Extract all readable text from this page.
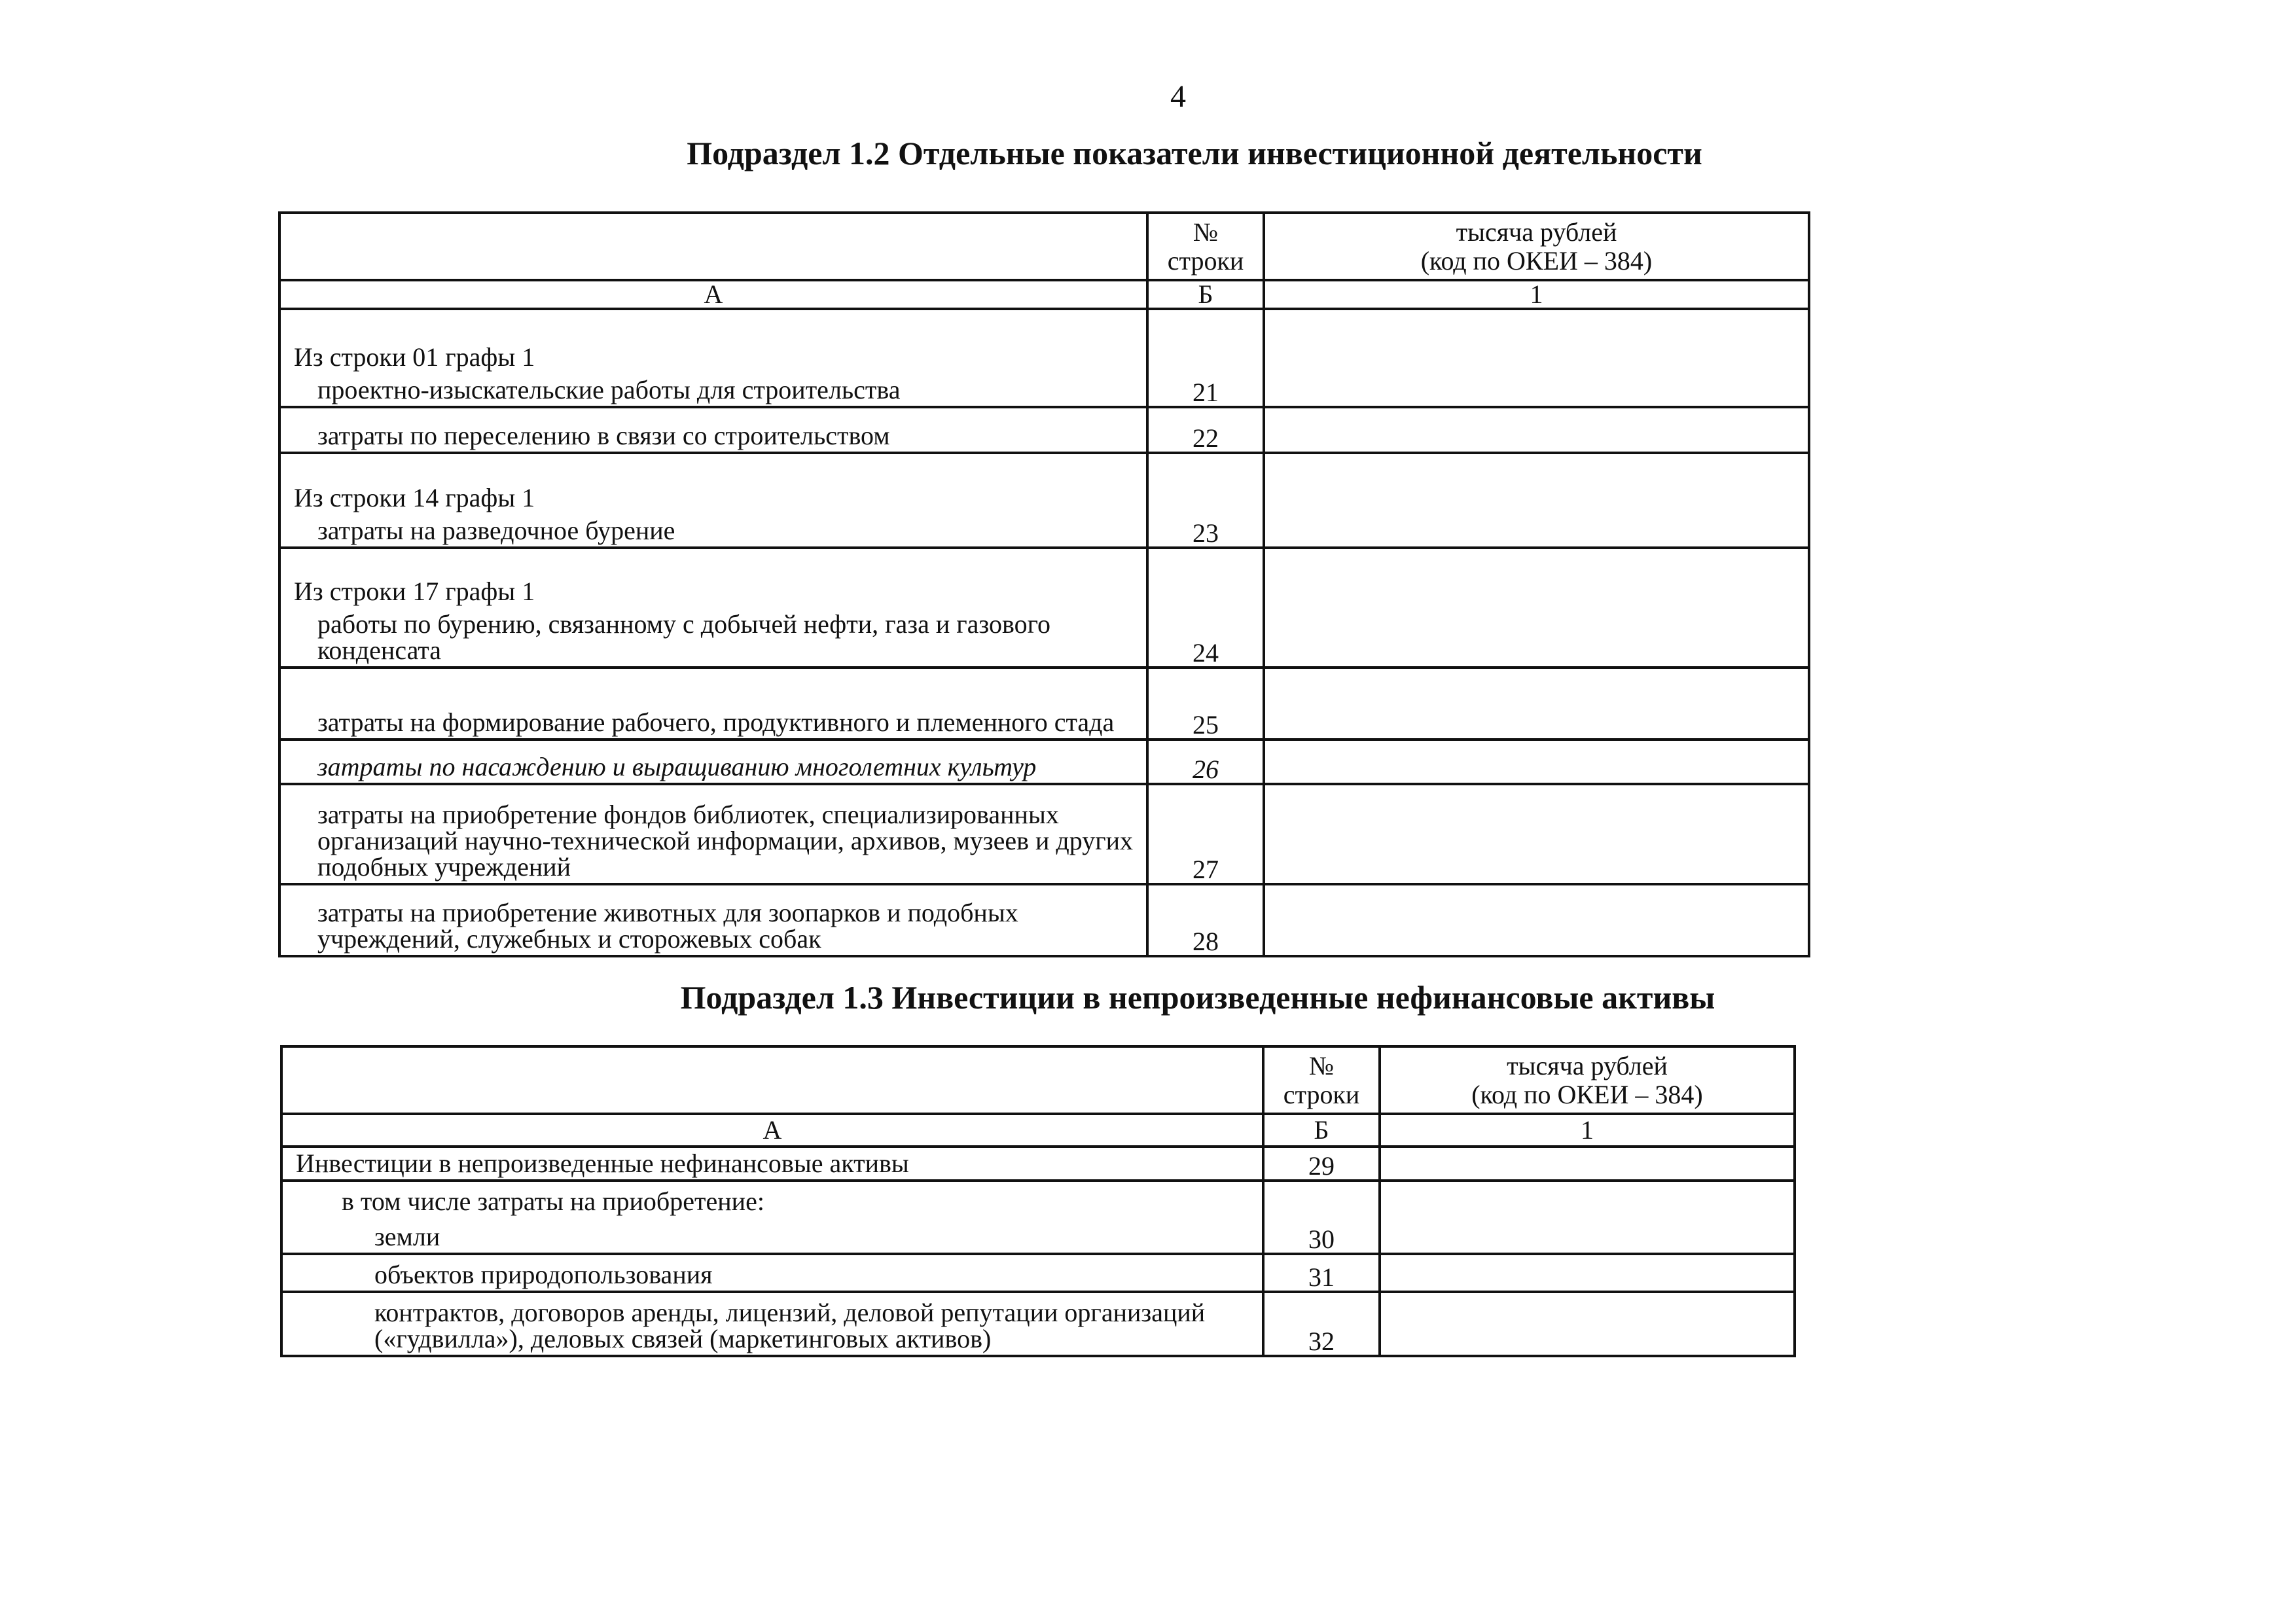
4
Подраздел 1.2 Отдельные показатели инвестиционной деятельности

	№
строки	тысяча рублей
(код по ОКЕИ – 384)

А	Б	1

Из строки 01 графы 1
проектно-изыскательские работы для строительства	21	

затраты по переселению в связи со строительством	22	

Из строки 14 графы 1
затраты на разведочное бурение	23	

Из строки 17 графы 1
работы по бурению, связанному с добычей нефти, газа и газового конденсата	24	

затраты на формирование рабочего, продуктивного и племенного стада	25	

затраты по насаждению и выращиванию многолетних культур	26	

затраты на приобретение фондов библиотек, специализированных организаций научно-технической информации, архивов, музеев и других подобных учреждений	27	

затраты на приобретение животных для зоопарков и подобных учреждений, служебных и сторожевых собак	28	
Подраздел 1.3 Инвестиции в непроизведенные нефинансовые активы

	№
строки	тысяча рублей
(код по ОКЕИ – 384)

А	Б	1

Инвестиции в непроизведенные нефинансовые активы	29	

в том числе затраты на приобретение:
земли	30	

объектов природопользования	31	

контрактов, договоров аренды, лицензий, деловой репутации организаций («гудвилла»), деловых связей (маркетинговых активов)	32	
